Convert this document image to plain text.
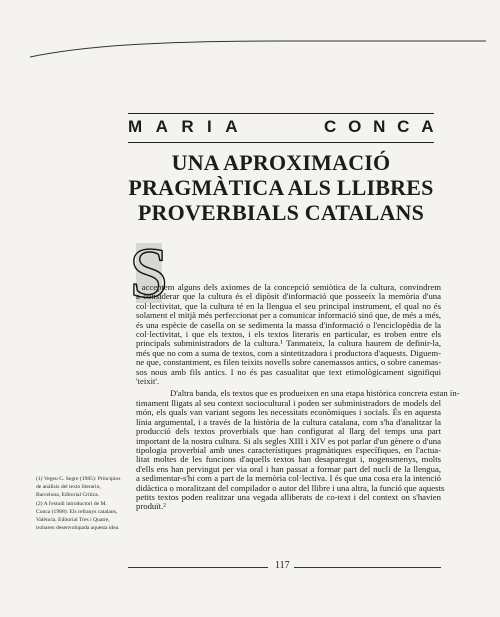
M A R I A	C O N C A
UNA APROXIMACIÓ
PRAGMÀTICA ALS LLIBRES
PROVERBIALS CATALANS
S
i acceptem alguns dels axiomes de la concepció semiòtica de la cultura, convindrem
a considerar que la cultura és el dipòsit d'informació que posseeix la memòria d'una
col·lectivitat, que la cultura té en la llengua el seu principal instrument, el qual no és
solament el mitjà més perfeccionat per a comunicar informació sinó que, de més a més,
és una espècie de casella on se sedimenta la massa d'informació o l'enciclopèdia de la
col·lectivitat, i que els textos, i els textos literaris en particular, es troben entre els
principals subministradors de la cultura.¹ Tanmateix, la cultura haurem de definir-la,
més que no com a suma de textos, com a sintetitzadora i productora d'aquests. Diguem-
ne que, constantment, es filen teixits novells sobre canemassos antics, o sobre canemas-
sos nous amb fils antics. I no és pas casualitat que text etimològicament signifiqui
'teixit'.
D'altra banda, els textos que es produeixen en una etapa històrica concreta estan ín-
timament lligats al seu context sociocultural i poden ser subministradors de models del
món, els quals van variant segons les necessitats econòmiques i socials. És en aquesta
línia argumental, i a través de la història de la cultura catalana, com s'ha d'analitzar la
producció dels textos proverbials que han configurat al llarg del temps una part
important de la nostra cultura. Si als segles XIII i XIV es pot parlar d'un gènere o d'una
tipologia proverbial amb unes característiques pragmàtiques específiques, en l'actua-
litat moltes de les funcions d'aquells textos han desaparegut i, nogensmenys, molts
d'ells ens han pervingut per via oral i han passat a formar part del nucli de la llengua,
a sedimentar-s'hi com a part de la memòria col·lectiva. I és que una cosa era la intenció
didàctica o moralitzant del compilador o autor del llibre i una altra, la funció que aquests
petits textos poden realitzar una vegada alliberats de co-text i del context on s'havien
produït.²

(1) Vegeu C. Segre (1985): Principios de análisis del texto literario, Barcelona, Editorial Crítica.

(2) A l'estudi introductori de M. Conca (1988): Els refranys catalans, València, Editorial Tres i Quatre, trobareu desenvolupada aquesta idea.

117
